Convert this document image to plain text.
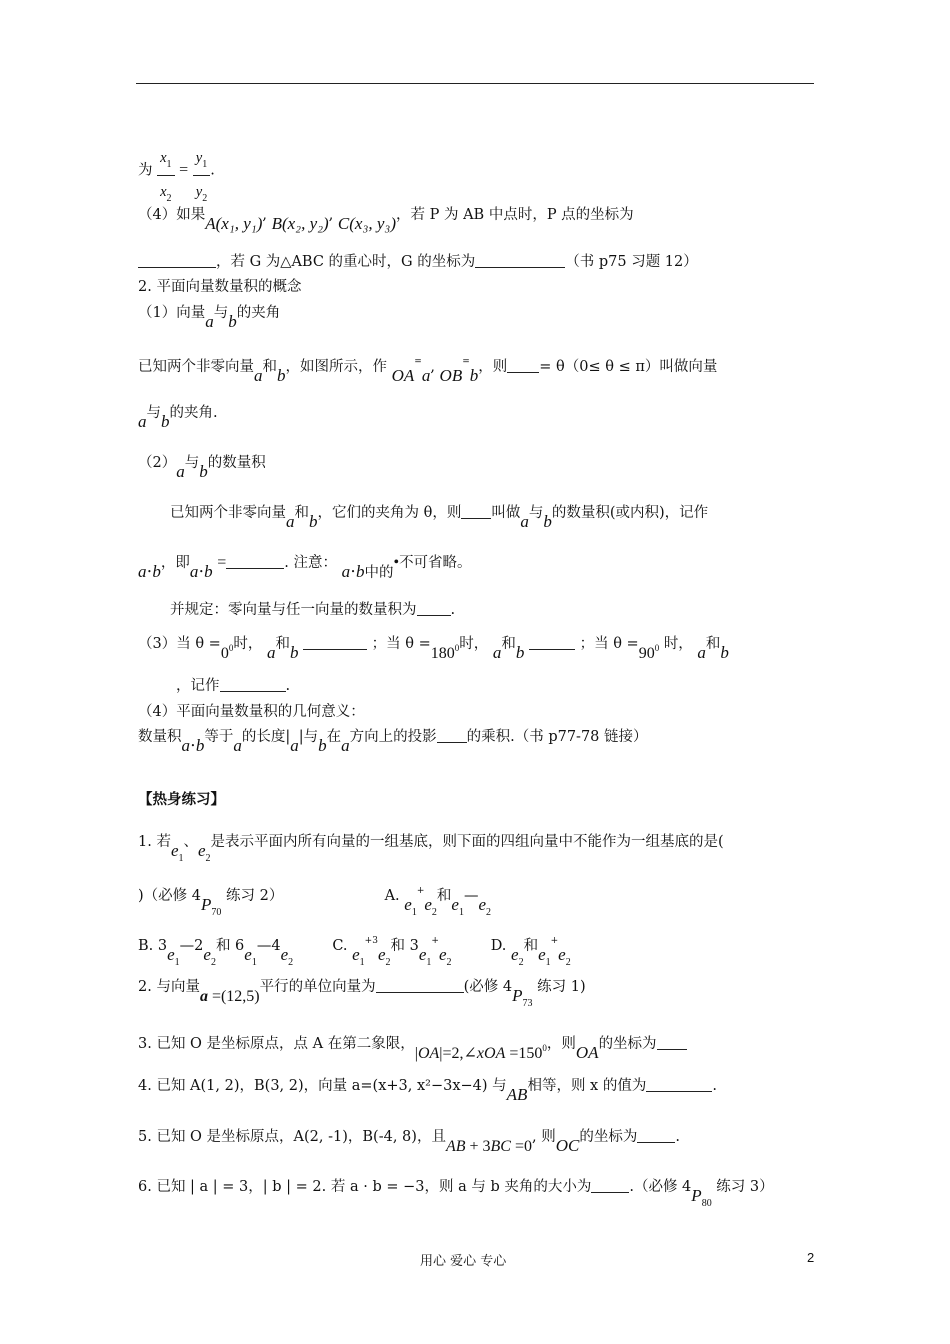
为 $\frac{x_1}{x_2} = \frac{y_1}{y_2}$ .
（4）如果A(x₁, y₁), B(x₂, y₂), C(x₃, y₃)，若 P 为 AB 中点时，P 点的坐标为
，若 G 为△ABC 的重心时，G 的坐标为	（书 p75 习题 12）
2. 平面向量数量积的概念
（1）向量a与b的夹角
已知两个非零向量a和b，如图所示，作 OA=a, OB=b，则 = θ（0≤ θ ≤ π）叫做向量
a与b的夹角.
（2）a与b的数量积
已知两个非零向量a和b，它们的夹角为 θ，则 叫做a与b的数量积(或内积)，记作
a⋅b，即a⋅b =	. 注意： a⋅b中的•不可省略。
并规定：零向量与任一向量的数量积为 .
（3）当 $\theta =0^0$时， a和b	；当 $\theta =180^0$时， a和b	；当 $\theta =90^0$ 时， a和b
，记作	.
（4）平面向量数量积的几何意义：
数量积a⋅b等于a的长度|a|与b在a方向上的投影 的乘积.（书 p77-78 链接）
【热身练习】
1. 若$e_1$、$e_2$是表示平面内所有向量的一组基底，则下面的四组向量中不能作为一组基底的是(
)（必修 $4P_{70}$ 练习 2）	A. $e_1^+e_2$和$e_1—e_2$
B. $3e_1—2e_2$和 $6e_1—4e_2$  C. $e_1^{+3}e_2$和 $3e_1^+e_2$  D. $e_2$和$e_1^+e_2$
2. 与向量a =(12,5)平行的单位向量为	(必修 $4P_{73}$ 练习 1)
3. 已知 O 是坐标原点，点 A 在第二象限，|OA|=2,∠xOA $=150^0$，则OA的坐标为
4. 已知 A(1, 2)，B(3, 2)，向量 a=(x+3, x²−3x−4) 与AB相等，则 x 的值为	.
5. 已知 O 是坐标原点，A(2, -1)，B(-4, 8)，且AB + 3BC =0, 则OC的坐标为	.
6. 已知 | a | = 3，| b | = 2. 若 a · b = −3，则 a 与 b 夹角的大小为	.（必修 $4P_{80}$ 练习 3）
用心 爱心 专心	2
